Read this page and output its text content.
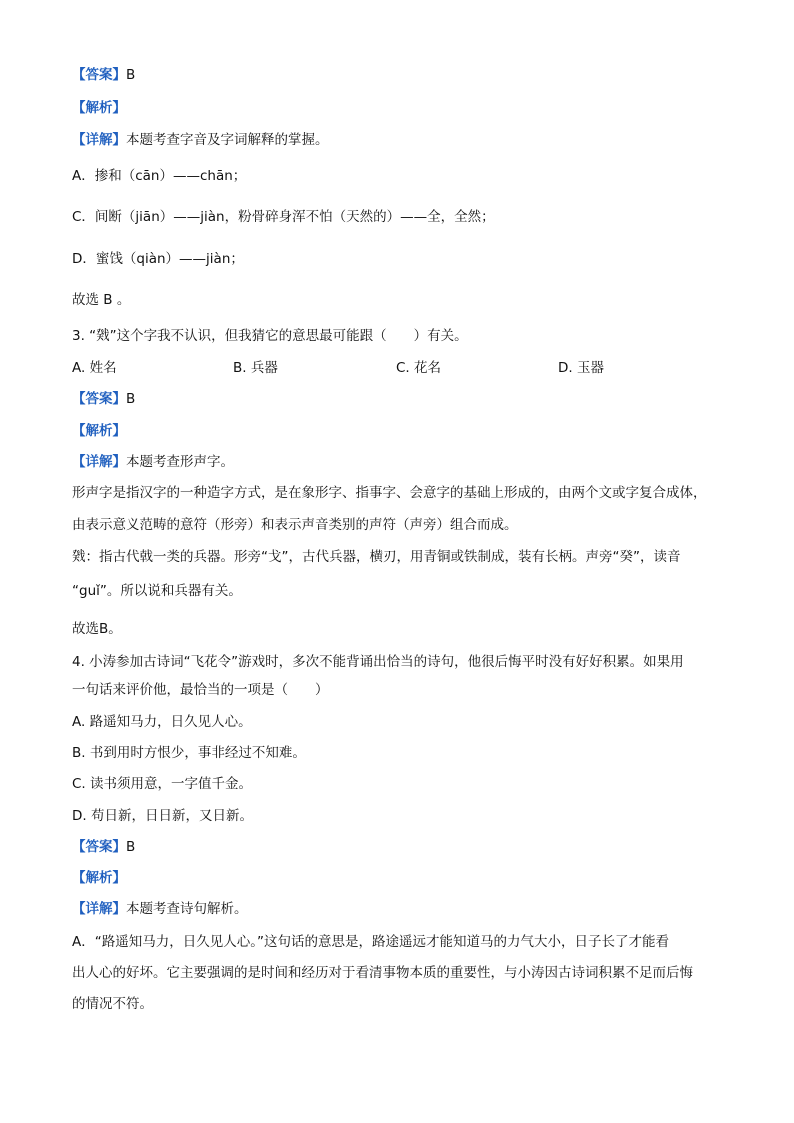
【答案】B
【解析】
【详解】本题考查字音及字词解释的掌握。
A．掺和（cān）——chān；
C．间断（jiān）——jiàn，粉骨碎身浑不怕（天然的）——全，全然；
D．蜜饯（qiàn）——jiàn；
故选 B 。
3. “戣”这个字我不认识，但我猜它的意思最可能跟（　　）有关。
A. 姓名	B. 兵器	C. 花名	D. 玉器
【答案】B
【解析】
【详解】本题考查形声字。
形声字是指汉字的一种造字方式，是在象形字、指事字、会意字的基础上形成的，由两个文或字复合成体，
由表示意义范畴的意符（形旁）和表示声音类别的声符（声旁）组合而成。
戣：指古代戟一类的兵器。形旁“戈”，古代兵器，横刃，用青铜或铁制成，装有长柄。声旁“癸”，读音
“guǐ”。所以说和兵器有关。
故选B。
4. 小涛参加古诗词“飞花令”游戏时，多次不能背诵出恰当的诗句，他很后悔平时没有好好积累。如果用
一句话来评价他，最恰当的一项是（　　）
A. 路遥知马力，日久见人心。
B. 书到用时方恨少，事非经过不知难。
C. 读书须用意，一字值千金。
D. 苟日新，日日新，又日新。
【答案】B
【解析】
【详解】本题考查诗句解析。
A．“路遥知马力，日久见人心。”这句话的意思是，路途遥远才能知道马的力气大小，日子长了才能看
出人心的好坏。它主要强调的是时间和经历对于看清事物本质的重要性，与小涛因古诗词积累不足而后悔
的情况不符。
